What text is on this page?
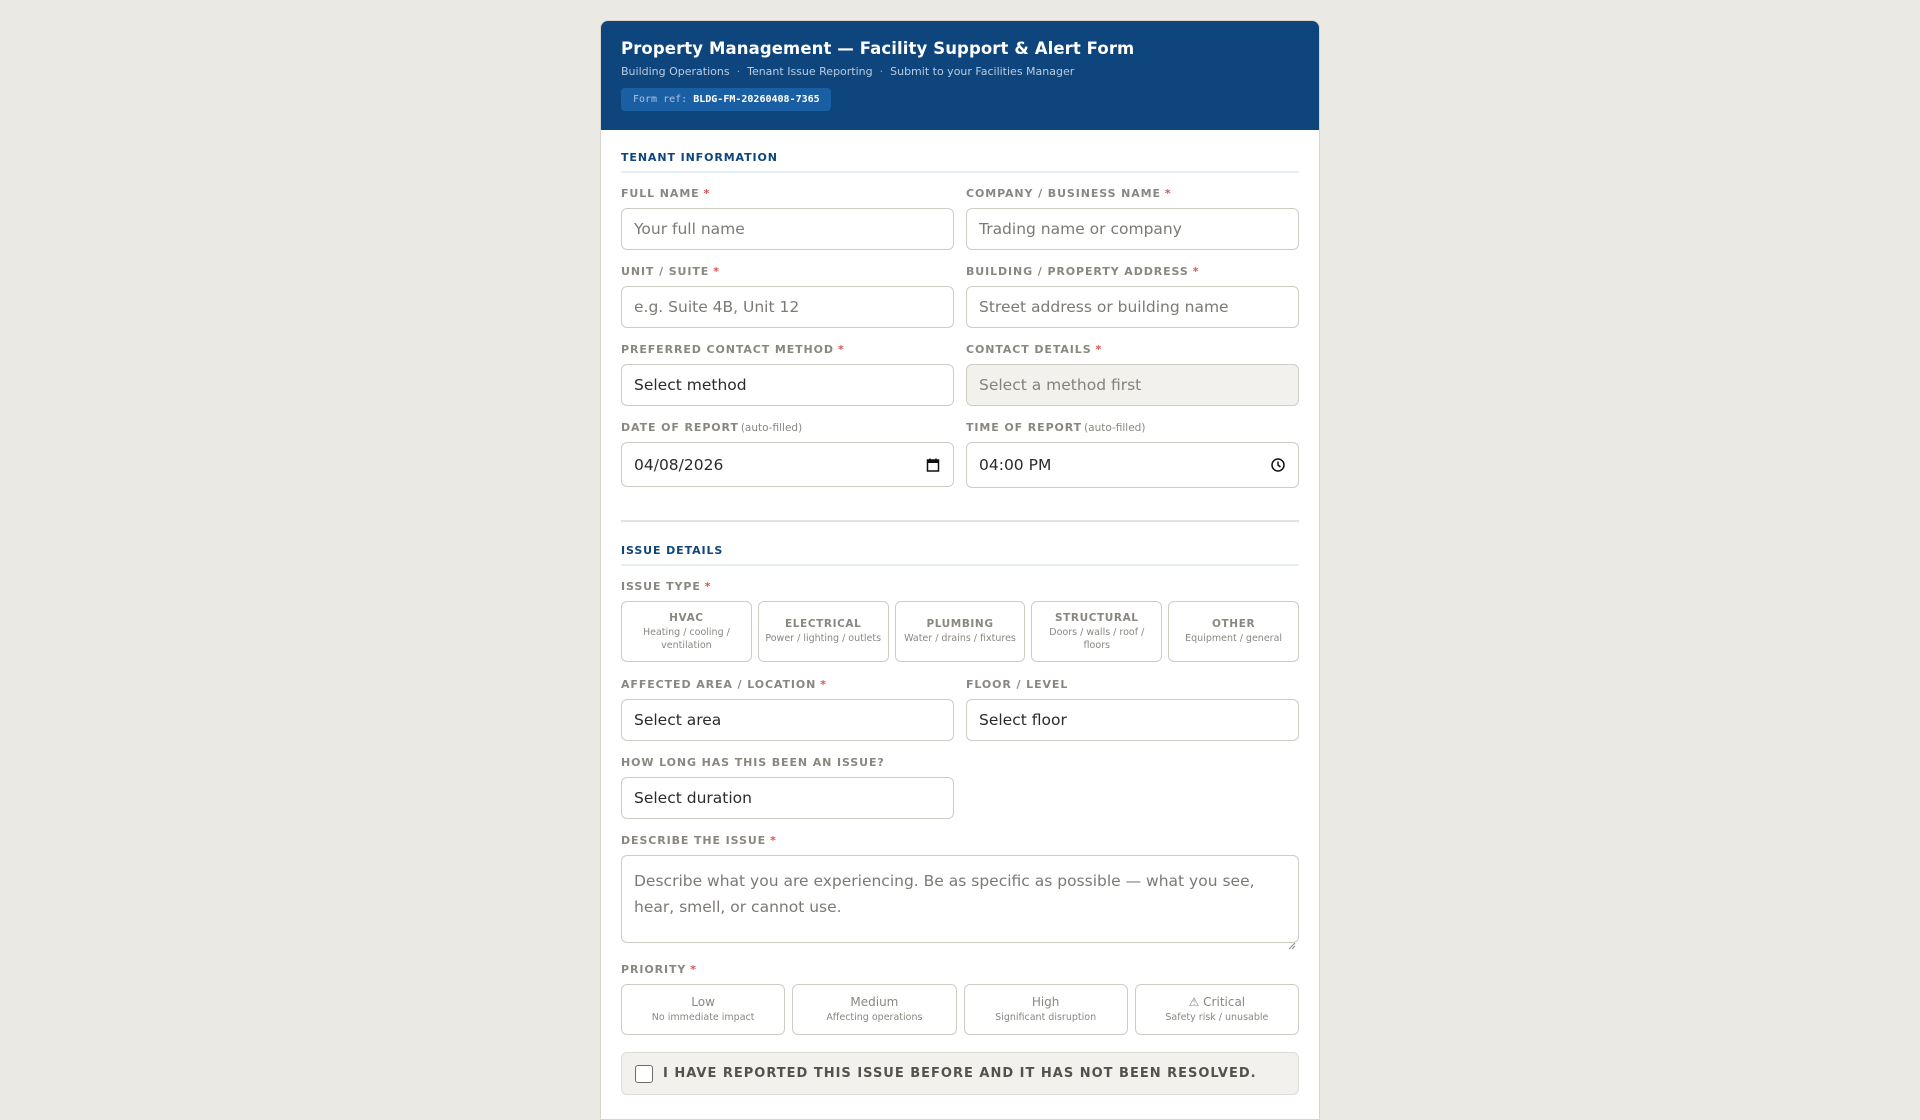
Property Management — Facility Support & Alert Form
Building Operations · Tenant Issue Reporting · Submit to your Facilities Manager
Form ref: BLDG-FM-20260408-7365
TENANT INFORMATION
FULL NAME *
Your full name
COMPANY / BUSINESS NAME *
Trading name or company
UNIT / SUITE *
e.g. Suite 4B, Unit 12
BUILDING / PROPERTY ADDRESS *
Street address or building name
PREFERRED CONTACT METHOD *
Select method
CONTACT DETAILS *
Select a method first
DATE OF REPORT (auto-filled)
04/08/2026
TIME OF REPORT (auto-filled)
04:00 PM
ISSUE DETAILS
ISSUE TYPE *
HVAC
Heating / cooling / ventilation
ELECTRICAL
Power / lighting / outlets
PLUMBING
Water / drains / fixtures
STRUCTURAL
Doors / walls / roof / floors
OTHER
Equipment / general
AFFECTED AREA / LOCATION *
Select area
FLOOR / LEVEL
Select floor
HOW LONG HAS THIS BEEN AN ISSUE?
Select duration
DESCRIBE THE ISSUE *
Describe what you are experiencing. Be as specific as possible — what you see, hear, smell, or cannot use.
PRIORITY *
Low
No immediate impact
Medium
Affecting operations
High
Significant disruption
⚠ Critical
Safety risk / unusable
I HAVE REPORTED THIS ISSUE BEFORE AND IT HAS NOT BEEN RESOLVED.
